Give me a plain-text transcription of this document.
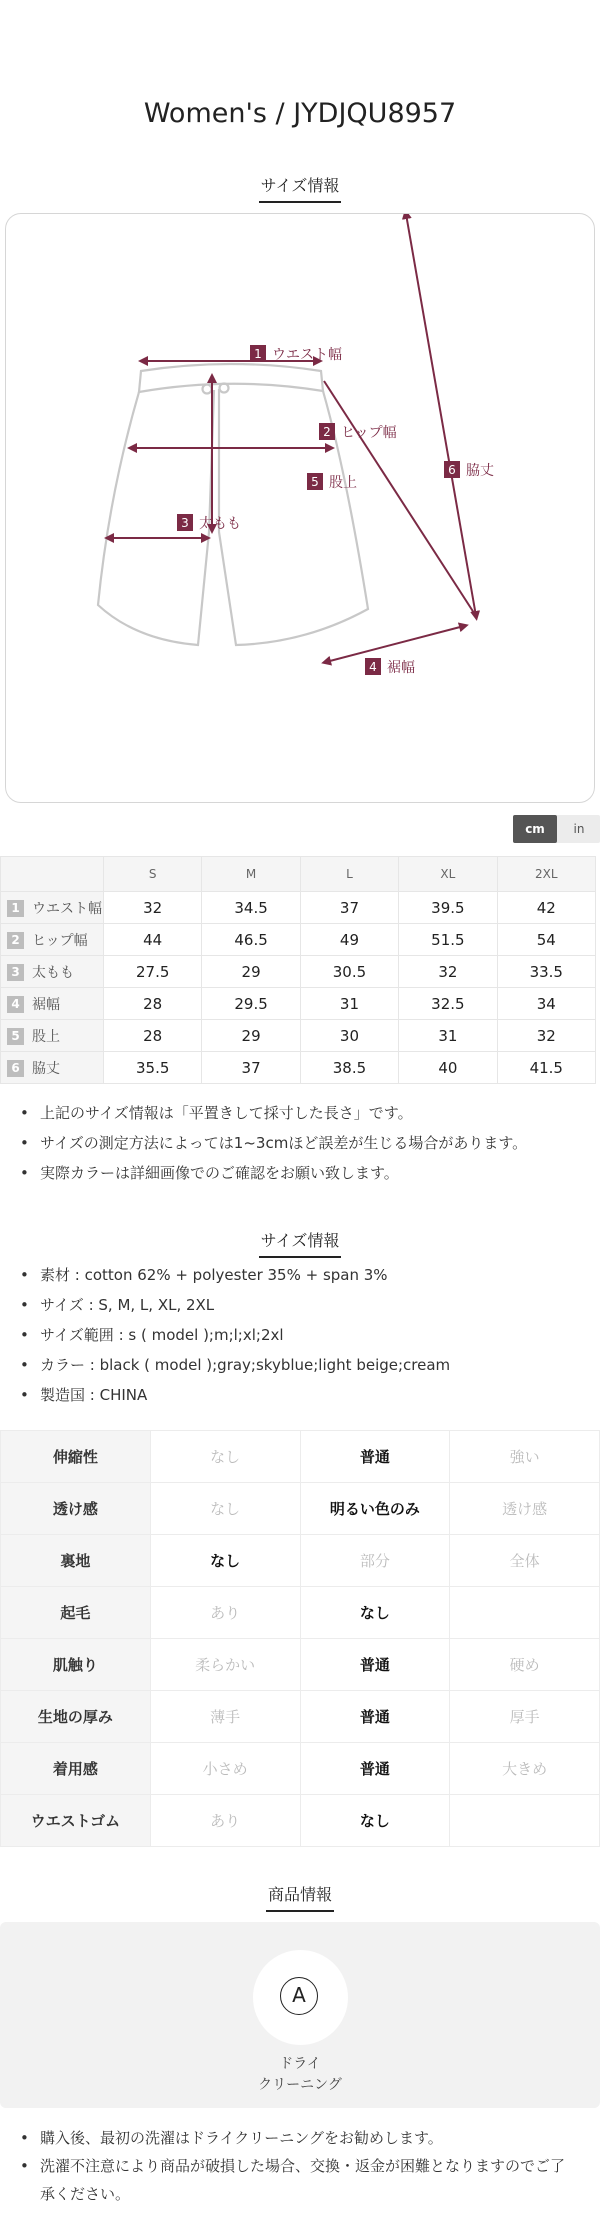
Women's / JYDJQU8957
サイズ情報
1 ウエスト幅
2 ヒップ幅
3 太もも
4 裾幅
5 股上
6 脇丈
cm	in
	S	M	L	XL	2XL
1 ウエスト幅	32	34.5	37	39.5	42
2 ヒップ幅	44	46.5	49	51.5	54
3 太もも	27.5	29	30.5	32	33.5
4 裾幅	28	29.5	31	32.5	34
5 股上	28	29	30	31	32
6 脇丈	35.5	37	38.5	40	41.5
• 上記のサイズ情報は「平置きして採寸した長さ」です。
• サイズの測定方法によっては1~3cmほど誤差が生じる場合があります。
• 実際カラーは詳細画像でのご確認をお願い致します。
サイズ情報
• 素材 : cotton 62% + polyester 35% + span 3%
• サイズ : S, M, L, XL, 2XL
• サイズ範囲 : s ( model );m;l;xl;2xl
• カラー : black ( model );gray;skyblue;light beige;cream
• 製造国 : CHINA
伸縮性	なし	普通	強い
透け感	なし	明るい色のみ	透け感
裏地	なし	部分	全体
起毛	あり	なし	
肌触り	柔らかい	普通	硬め
生地の厚み	薄手	普通	厚手
着用感	小さめ	普通	大きめ
ウエストゴム	あり	なし	
商品情報
A
ドライ
クリーニング
• 購入後、最初の洗濯はドライクリーニングをお勧めします。
• 洗濯不注意により商品が破損した場合、交換・返金が困難となりますのでご了承ください。
